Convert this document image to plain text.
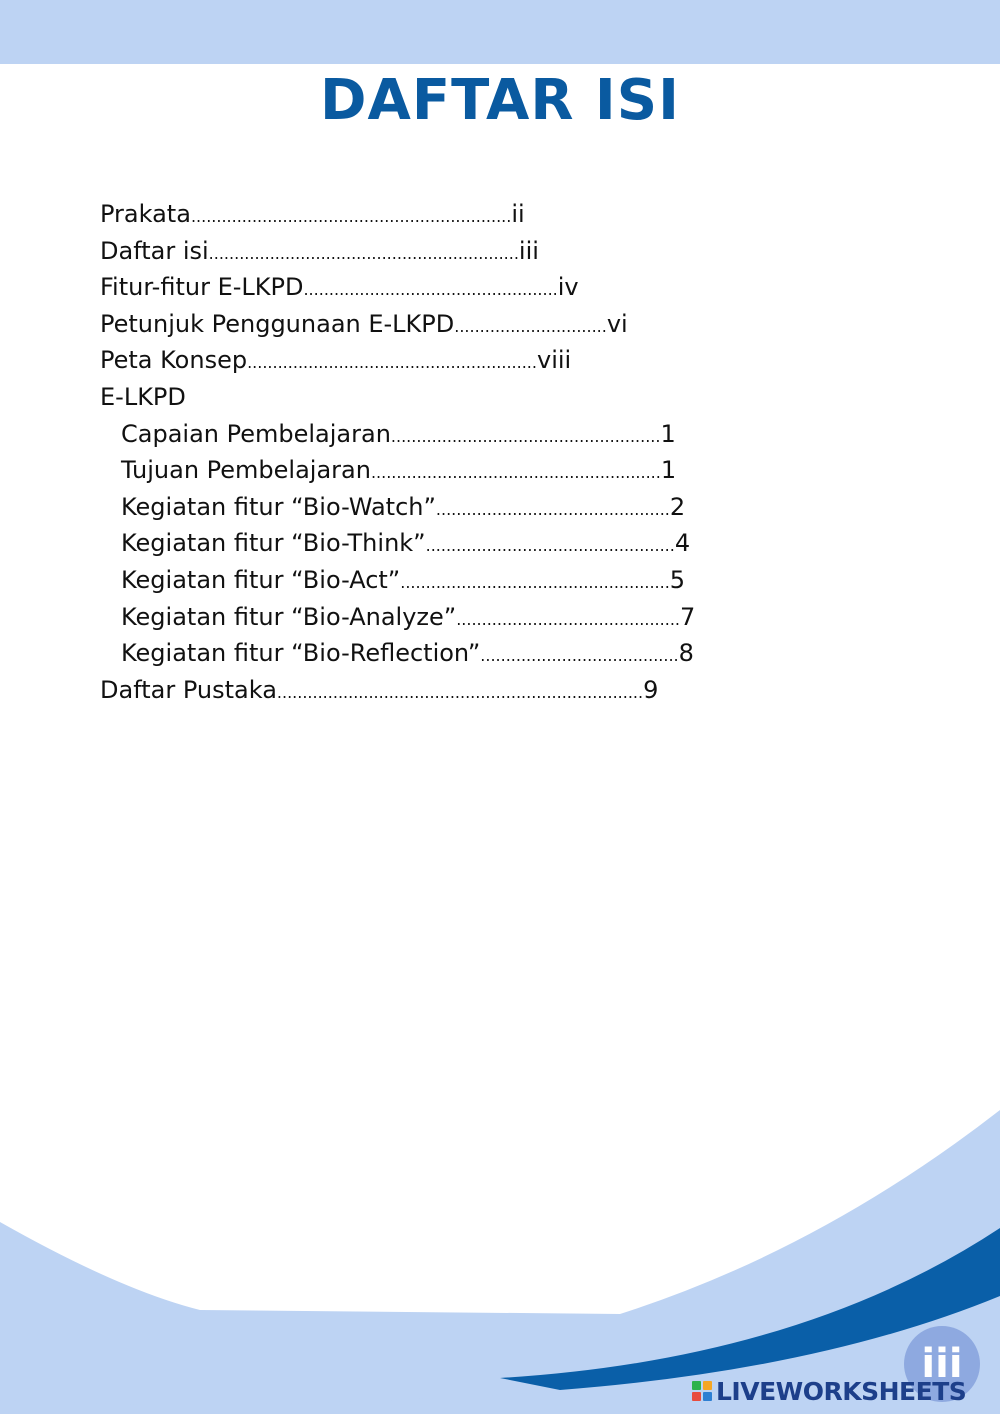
DAFTAR ISI
Prakata ............................................................... ii
Daftar isi ............................................................. iii
Fitur-fitur E-LKPD .................................................. iv
Petunjuk Penggunaan E-LKPD .............................. vi
Peta Konsep ......................................................... viii
E-LKPD
Capaian Pembelajaran ..................................................... 1
Tujuan Pembelajaran ......................................................... 1
Kegiatan fitur “Bio-Watch” .............................................. 2
Kegiatan fitur “Bio-Think” ................................................. 4
Kegiatan fitur “Bio-Act” ..................................................... 5
Kegiatan fitur “Bio-Analyze” ............................................ 7
Kegiatan fitur “Bio-Reflection” ....................................... 8
Daftar Pustaka ........................................................................ 9
iii
LIVEWORKSHEETS
